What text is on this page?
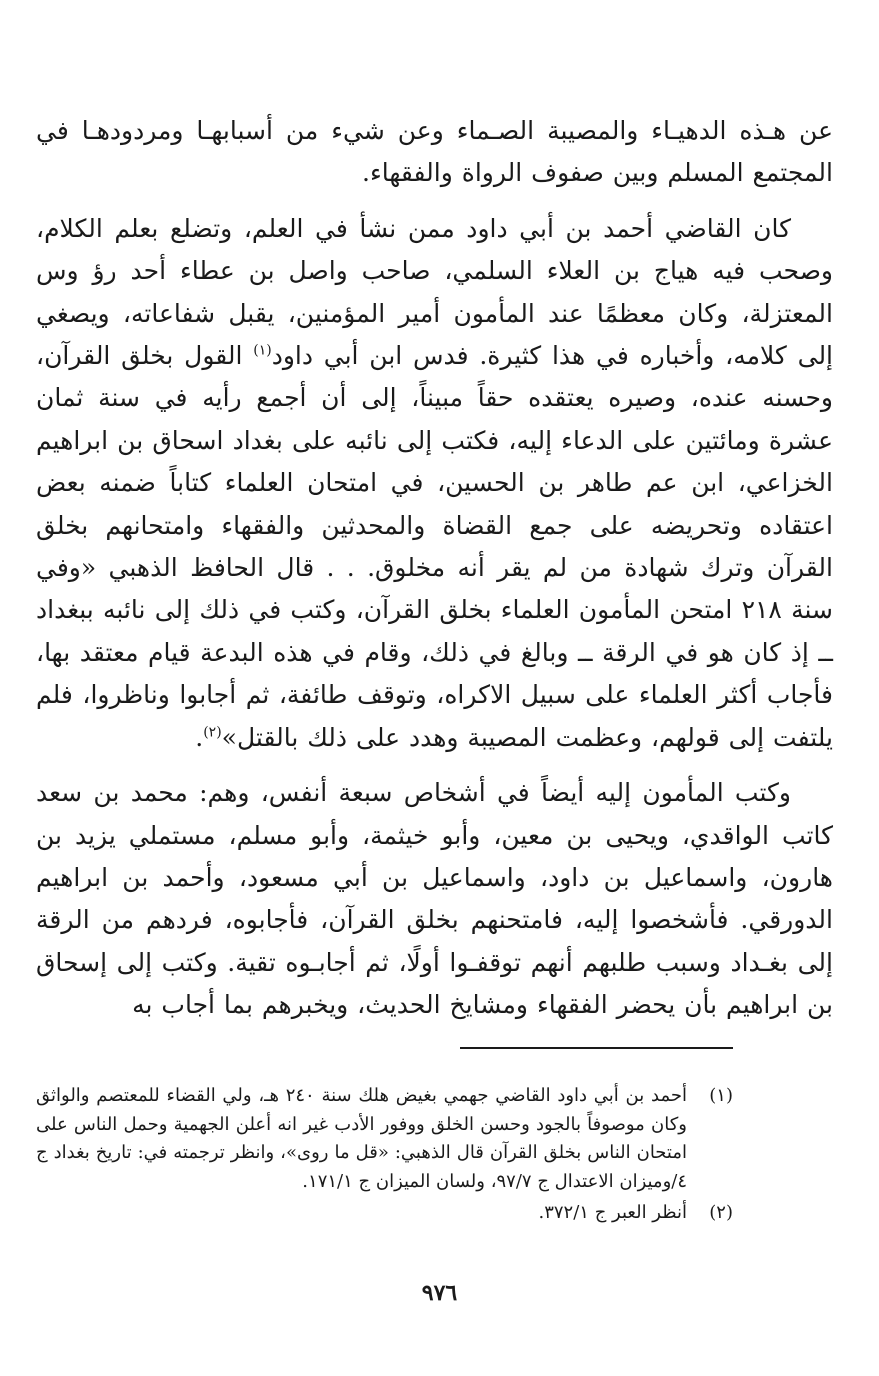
عن هـذه الدهيـاء والمصيبة الصـماء وعن شيء من أسبابهـا ومردودهـا في المجتمع المسلم وبين صفوف الرواة والفقهاء.

كان القاضي أحمد بن أبي داود ممن نشأ في العلم، وتضلع بعلم الكلام، وصحب فيه هياج بن العلاء السلمي، صاحب واصل بن عطاء أحد رؤ وس المعتزلة، وكان معظمًا عند المأمون أمير المؤمنين، يقبل شفاعاته، ويصغي إلى كلامه، وأخباره في هذا كثيرة. فدس ابن أبي داود$^{(١)}$ القول بخلق القرآن، وحسنه عنده، وصيره يعتقده حقاً مبيناً، إلى أن أجمع رأيه في سنة ثمان عشرة ومائتين على الدعاء إليه، فكتب إلى نائبه على بغداد اسحاق بن ابراهيم الخزاعي، ابن عم طاهر بن الحسين، في امتحان العلماء كتاباً ضمنه بعض اعتقاده وتحريضه على جمع القضاة والمحدثين والفقهاء وامتحانهم بخلق القرآن وترك شهادة من لم يقر أنه مخلوق. . . قال الحافظ الذهبي «وفي سنة ٢١٨ امتحن المأمون العلماء بخلق القرآن، وكتب في ذلك إلى نائبه ببغداد ــ إذ كان هو في الرقة ــ وبالغ في ذلك، وقام في هذه البدعة قيام معتقد بها، فأجاب أكثر العلماء على سبيل الاكراه، وتوقف طائفة، ثم أجابوا وناظروا، فلم يلتفت إلى قولهم، وعظمت المصيبة وهدد على ذلك بالقتل»$^{(٢)}$.

وكتب المأمون إليه أيضاً في أشخاص سبعة أنفس، وهم: محمد بن سعد كاتب الواقدي، ويحيى بن معين، وأبو خيثمة، وأبو مسلم، مستملي يزيد بن هارون، واسماعيل بن داود، واسماعيل بن أبي مسعود، وأحمد بن ابراهيم الدورقي. فأشخصوا إليه، فامتحنهم بخلق القرآن، فأجابوه، فردهم من الرقة إلى بغـداد وسبب طلبهم أنهم توقفـوا أولًا، ثم أجابـوه تقية. وكتب إلى إسحاق بن ابراهيم بأن يحضر الفقهاء ومشايخ الحديث، ويخبرهم بما أجاب به

(١)
أحمد بن أبي داود القاضي جهمي بغيض هلك سنة ٢٤٠ هـ، ولي القضاء للمعتصم والواثق وكان موصوفاً بالجود وحسن الخلق ووفور الأدب غير انه أعلن الجهمية وحمل الناس على امتحان الناس بخلق القرآن قال الذهبي: «قل ما روى»، وانظر ترجمته في: تاريخ بغداد ج ٤/وميزان الاعتدال ج ٩٧/٧، ولسان الميزان ج ١٧١/١.
(٢)
أنظر العبر ج ٣٧٢/١.
٩٧٦
